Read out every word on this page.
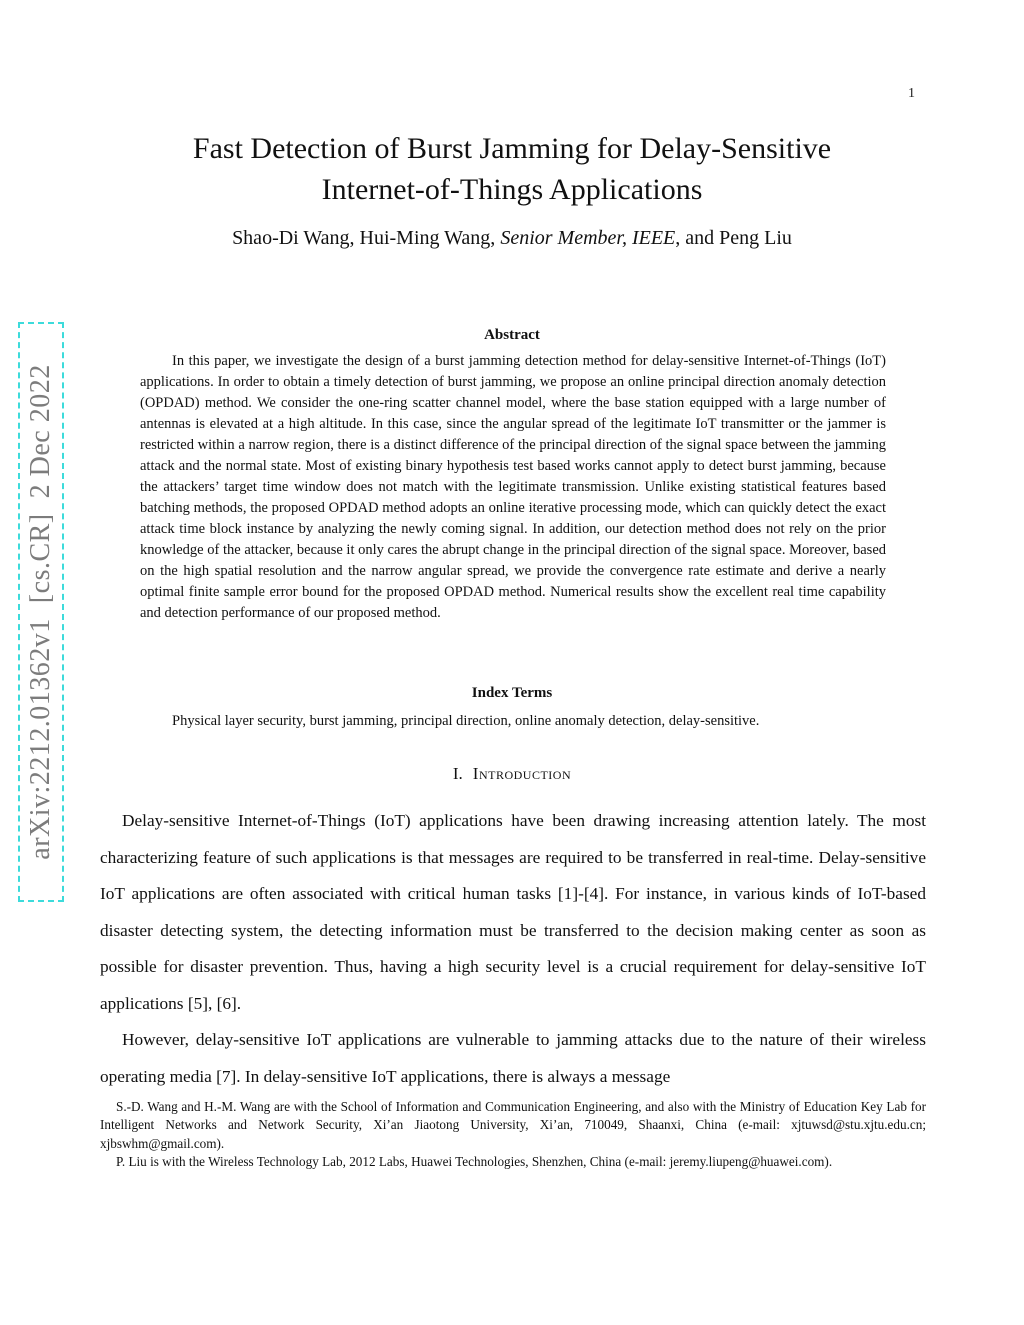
1
arXiv:2212.01362v1  [cs.CR]  2 Dec 2022
Fast Detection of Burst Jamming for Delay-Sensitive
Internet-of-Things Applications
Shao-Di Wang, Hui-Ming Wang, Senior Member, IEEE, and Peng Liu
Abstract
In this paper, we investigate the design of a burst jamming detection method for delay-sensitive Internet-of-Things (IoT) applications. In order to obtain a timely detection of burst jamming, we propose an online principal direction anomaly detection (OPDAD) method. We consider the one-ring scatter channel model, where the base station equipped with a large number of antennas is elevated at a high altitude. In this case, since the angular spread of the legitimate IoT transmitter or the jammer is restricted within a narrow region, there is a distinct difference of the principal direction of the signal space between the jamming attack and the normal state. Most of existing binary hypothesis test based works cannot apply to detect burst jamming, because the attackers’ target time window does not match with the legitimate transmission. Unlike existing statistical features based batching methods, the proposed OPDAD method adopts an online iterative processing mode, which can quickly detect the exact attack time block instance by analyzing the newly coming signal. In addition, our detection method does not rely on the prior knowledge of the attacker, because it only cares the abrupt change in the principal direction of the signal space. Moreover, based on the high spatial resolution and the narrow angular spread, we provide the convergence rate estimate and derive a nearly optimal finite sample error bound for the proposed OPDAD method. Numerical results show the excellent real time capability and detection performance of our proposed method.
Index Terms
Physical layer security, burst jamming, principal direction, online anomaly detection, delay-sensitive.
I. Introduction
Delay-sensitive Internet-of-Things (IoT) applications have been drawing increasing attention lately. The most characterizing feature of such applications is that messages are required to be transferred in real-time. Delay-sensitive IoT applications are often associated with critical human tasks [1]-[4]. For instance, in various kinds of IoT-based disaster detecting system, the detecting information must be transferred to the decision making center as soon as possible for disaster prevention. Thus, having a high security level is a crucial requirement for delay-sensitive IoT applications [5], [6].
However, delay-sensitive IoT applications are vulnerable to jamming attacks due to the nature of their wireless operating media [7]. In delay-sensitive IoT applications, there is always a message

S.-D. Wang and H.-M. Wang are with the School of Information and Communication Engineering, and also with the Ministry of Education Key Lab for Intelligent Networks and Network Security, Xi’an Jiaotong University, Xi’an, 710049, Shaanxi, China (e-mail: xjtuwsd@stu.xjtu.edu.cn; xjbswhm@gmail.com).

P. Liu is with the Wireless Technology Lab, 2012 Labs, Huawei Technologies, Shenzhen, China (e-mail: jeremy.liupeng@huawei.com).
